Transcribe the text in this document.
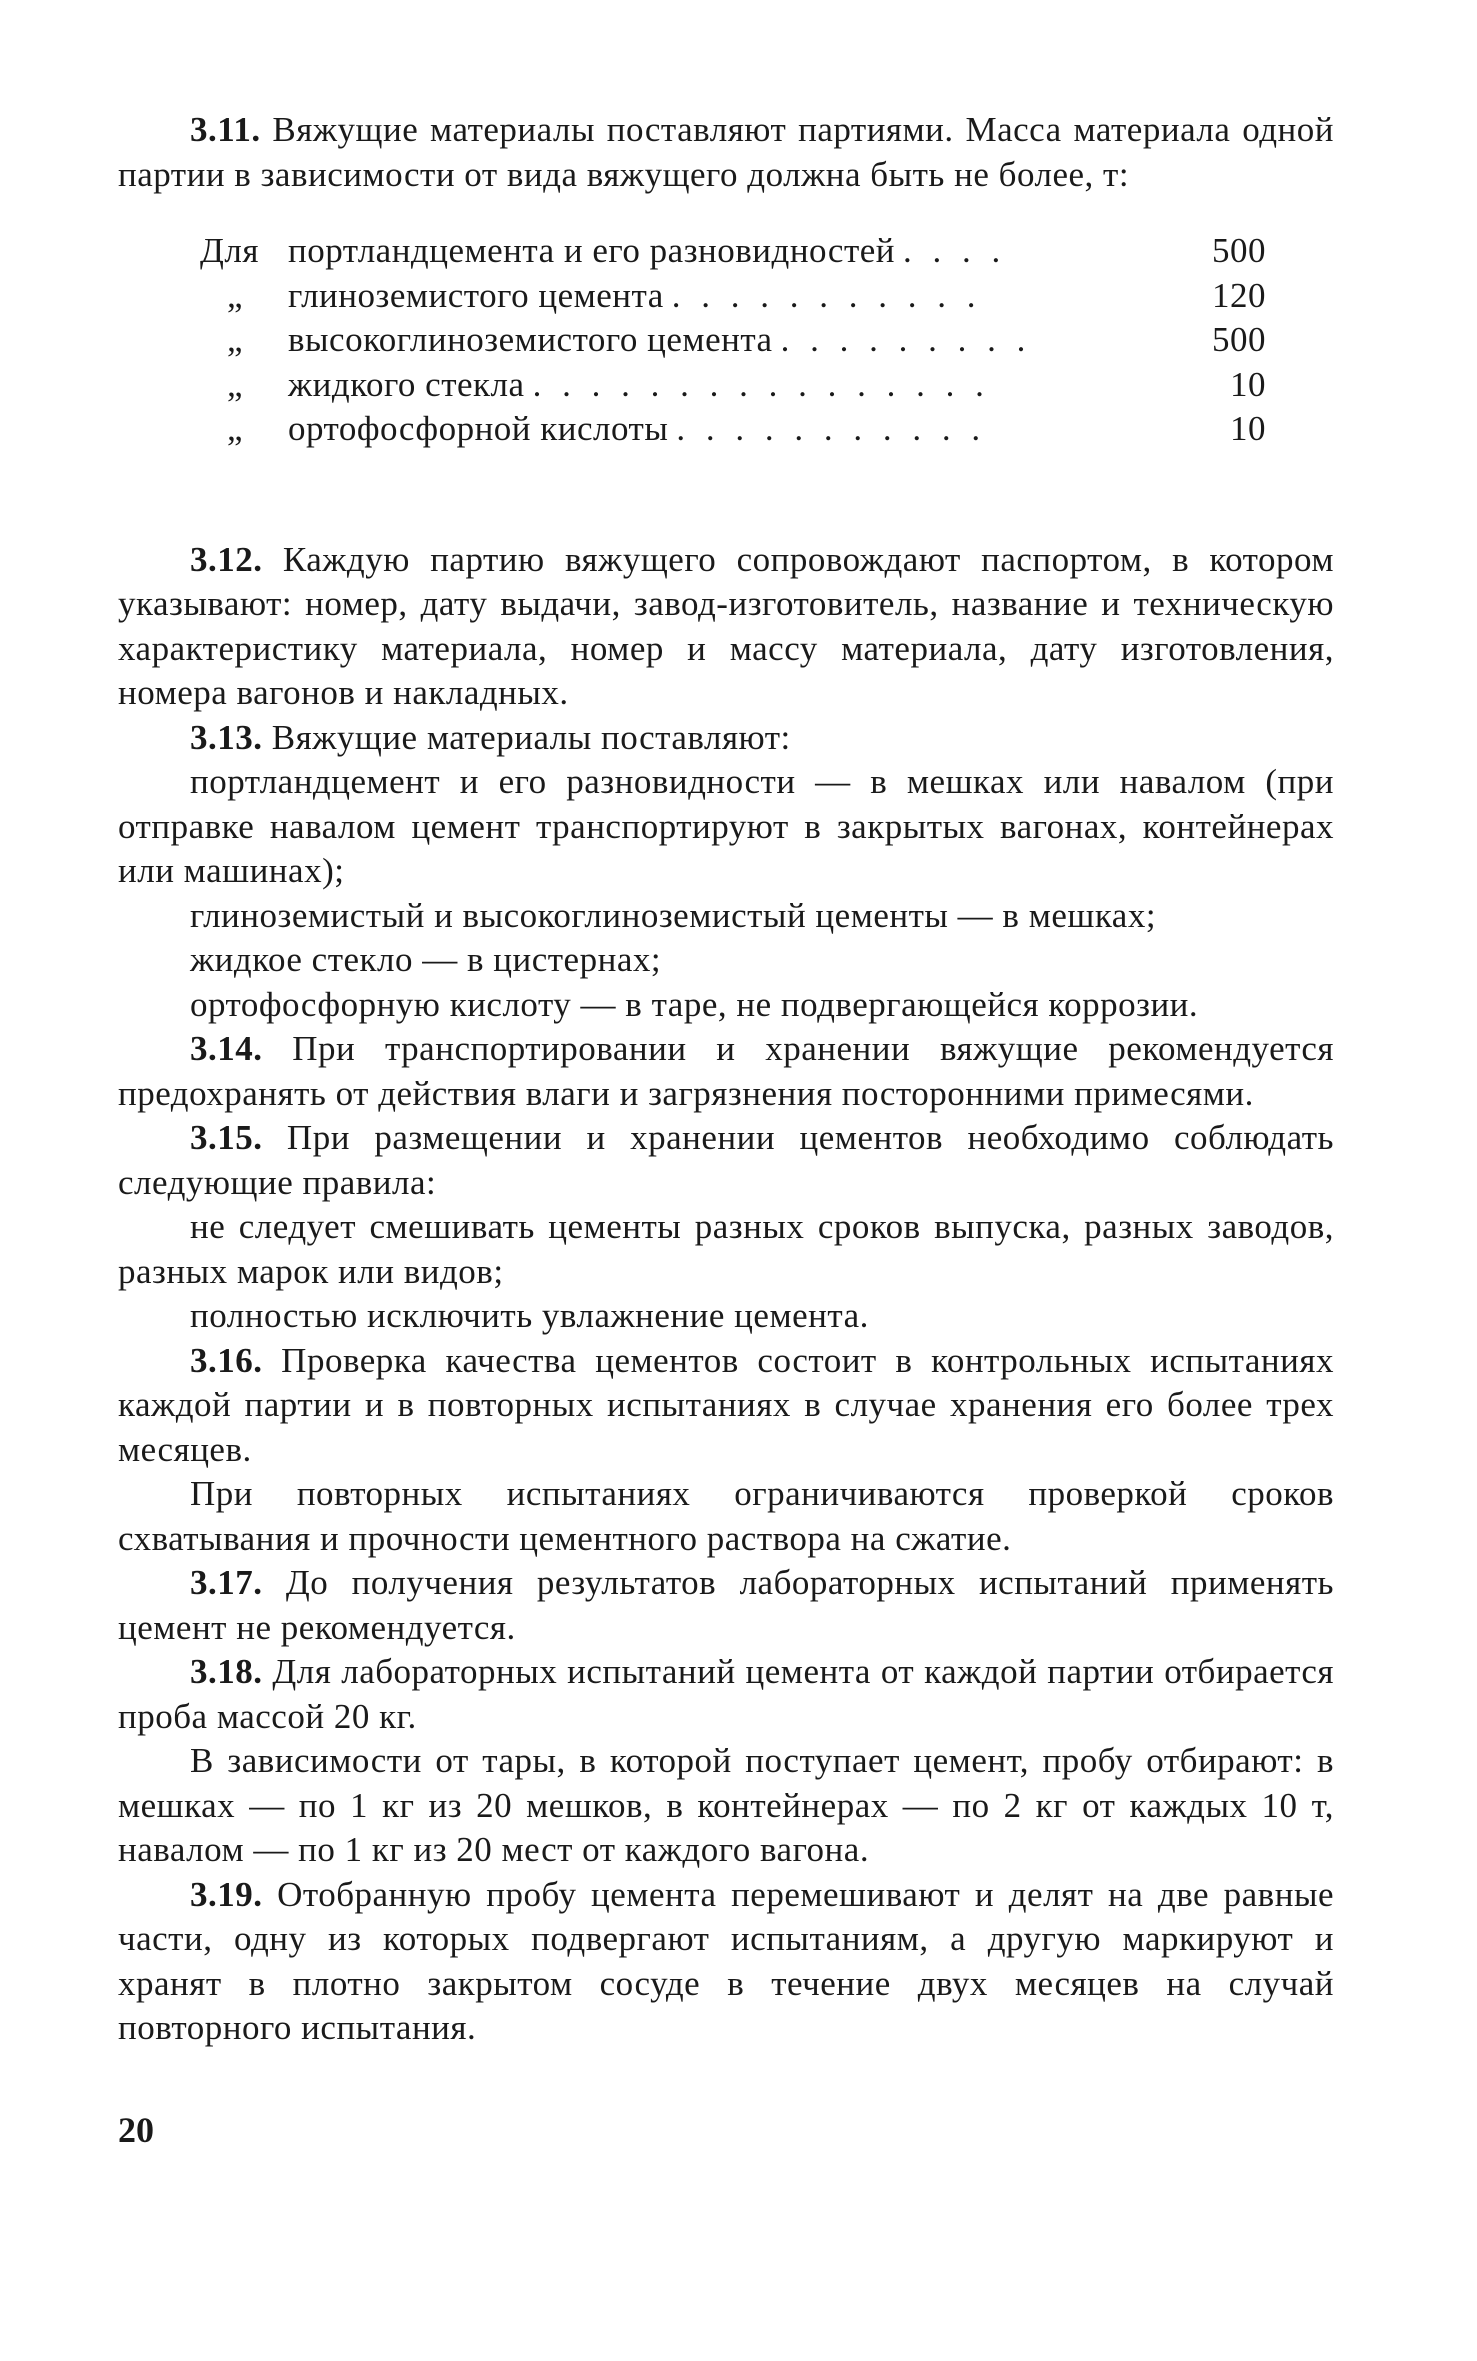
3.11. Вяжущие материалы поставляют партиями. Масса материала одной партии в зависимости от вида вяжущего должна быть не более, т:

Для портландцемента и его разновидностей . . . .	500
„	глиноземистого цемента . . . . . . . . . . .	120
„	высокоглиноземистого цемента . . . . . . . . .	500
„	жидкого стекла . . . . . . . . . . . . . . . .	10
„	ортофосфорной кислоты . . . . . . . . . . .	10

3.12. Каждую партию вяжущего сопровождают паспортом, в котором указывают: номер, дату выдачи, завод-изготовитель, название и техническую характеристику материала, номер и массу материала, дату изготовления, номера вагонов и накладных.

3.13. Вяжущие материалы поставляют:

портландцемент и его разновидности — в мешках или навалом (при отправке навалом цемент транспортируют в закрытых вагонах, контейнерах или машинах);

глиноземистый и высокоглиноземистый цементы — в мешках;

жидкое стекло — в цистернах;

ортофосфорную кислоту — в таре, не подвергающейся коррозии.

3.14. При транспортировании и хранении вяжущие рекомендуется предохранять от действия влаги и загрязнения посторонними примесями.

3.15. При размещении и хранении цементов необходимо соблюдать следующие правила:

не следует смешивать цементы разных сроков выпуска, разных заводов, разных марок или видов;

полностью исключить увлажнение цемента.

3.16. Проверка качества цементов состоит в контрольных испытаниях каждой партии и в повторных испытаниях в случае хранения его более трех месяцев.

При повторных испытаниях ограничиваются проверкой сроков схватывания и прочности цементного раствора на сжатие.

3.17. До получения результатов лабораторных испытаний применять цемент не рекомендуется.

3.18. Для лабораторных испытаний цемента от каждой партии отбирается проба массой 20 кг.

В зависимости от тары, в которой поступает цемент, пробу отбирают: в мешках — по 1 кг из 20 мешков, в контейнерах — по 2 кг от каждых 10 т, навалом — по 1 кг из 20 мест от каждого вагона.

3.19. Отобранную пробу цемента перемешивают и делят на две равные части, одну из которых подвергают испытаниям, а другую маркируют и хранят в плотно закрытом сосуде в течение двух месяцев на случай повторного испытания.

20
